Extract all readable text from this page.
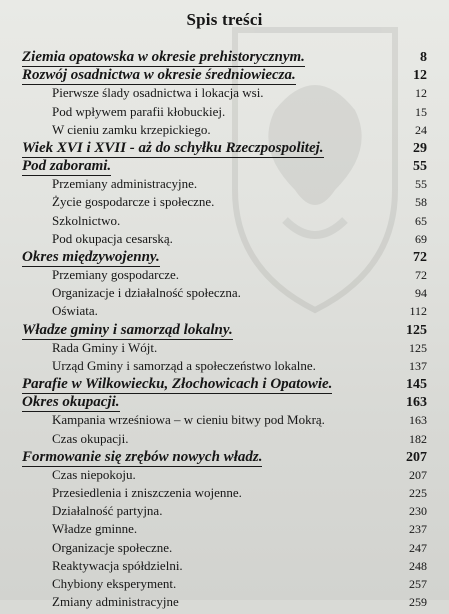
Spis treści
Ziemia opatowska w okresie prehistorycznym.	8
Rozwój osadnictwa w okresie średniowiecza.	12
Pierwsze ślady osadnictwa i lokacja wsi.	12
Pod wpływem parafii kłobuckiej.	15
W cieniu zamku krzepickiego.	24
Wiek XVI i XVII - aż do schyłku Rzeczpospolitej.	29
Pod zaborami.	55
Przemiany administracyjne.	55
Życie gospodarcze i społeczne.	58
Szkolnictwo.	65
Pod okupacja cesarską.	69
Okres międzywojenny.	72
Przemiany gospodarcze.	72
Organizacje i działalność społeczna.	94
Oświata.	112
Władze gminy i samorząd lokalny.	125
Rada Gminy i Wójt.	125
Urząd Gminy i samorząd a społeczeństwo lokalne.	137
Parafie w Wilkowiecku, Złochowicach i Opatowie.	145
Okres okupacji.	163
Kampania wrześniowa – w cieniu bitwy pod Mokrą.	163
Czas okupacji.	182
Formowanie się zrębów nowych władz.	207
Czas niepokoju.	207
Przesiedlenia i zniszczenia wojenne.	225
Działalność partyjna.	230
Władze gminne.	237
Organizacje społeczne.	247
Reaktywacja spółdzielni.	248
Chybiony eksperyment.	257
Zmiany administracyjne	259
